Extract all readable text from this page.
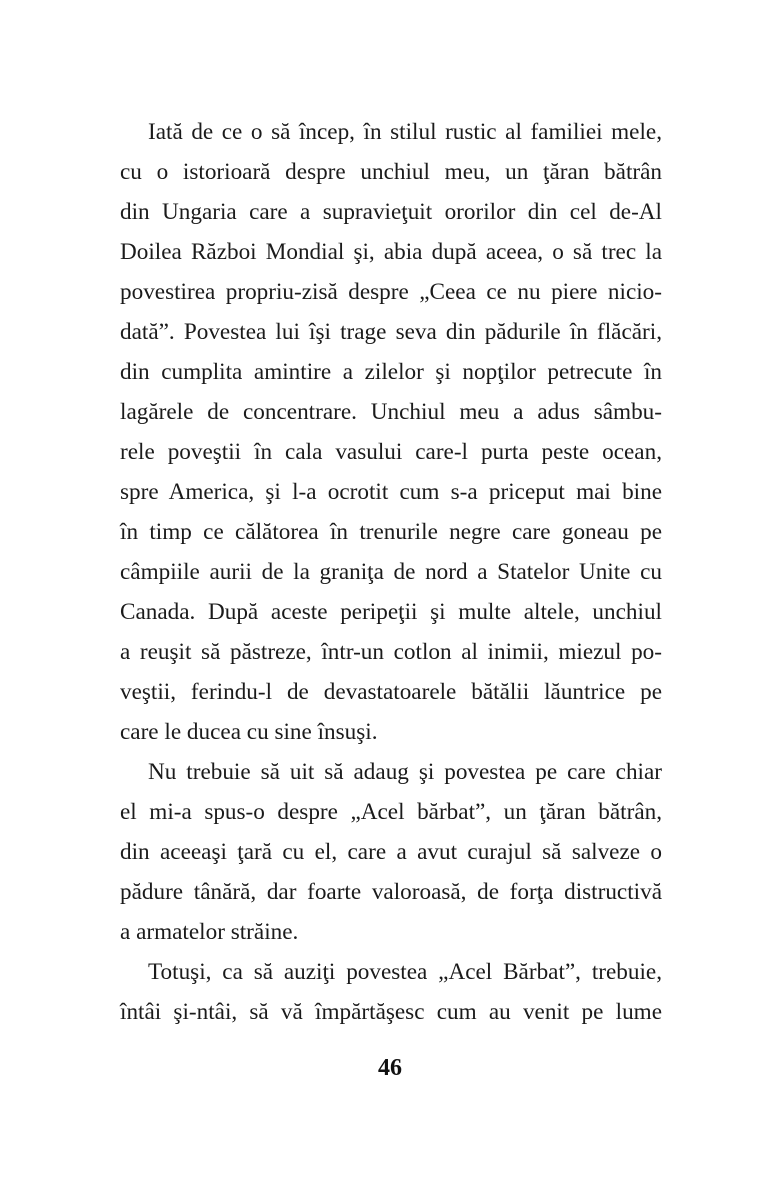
Iată de ce o să încep, în stilul rustic al familiei mele,
cu o istorioară despre unchiul meu, un ţăran bătrân
din Ungaria care a supravieţuit ororilor din cel de-Al
Doilea Război Mondial şi, abia după aceea, o să trec la
povestirea propriu-zisă despre „Ceea ce nu piere nicio-
dată”. Povestea lui îşi trage seva din pădurile în flăcări,
din cumplita amintire a zilelor şi nopţilor petrecute în
lagărele de concentrare. Unchiul meu a adus sâmbu-
rele poveştii în cala vasului care-l purta peste ocean,
spre America, şi l-a ocrotit cum s-a priceput mai bine
în timp ce călătorea în trenurile negre care goneau pe
câmpiile aurii de la graniţa de nord a Statelor Unite cu
Canada. După aceste peripeţii şi multe altele, unchiul
a reuşit să păstreze, într-un cotlon al inimii, miezul po-
veştii, ferindu-l de devastatoarele bătălii lăuntrice pe
care le ducea cu sine însuşi.
Nu trebuie să uit să adaug şi povestea pe care chiar
el mi-a spus-o despre „Acel bărbat”, un ţăran bătrân,
din aceeaşi ţară cu el, care a avut curajul să salveze o
pădure tânără, dar foarte valoroasă, de forţa distructivă
a armatelor străine.
Totuşi, ca să auziţi povestea „Acel Bărbat”, trebuie,
întâi şi-ntâi, să vă împărtăşesc cum au venit pe lume
46
